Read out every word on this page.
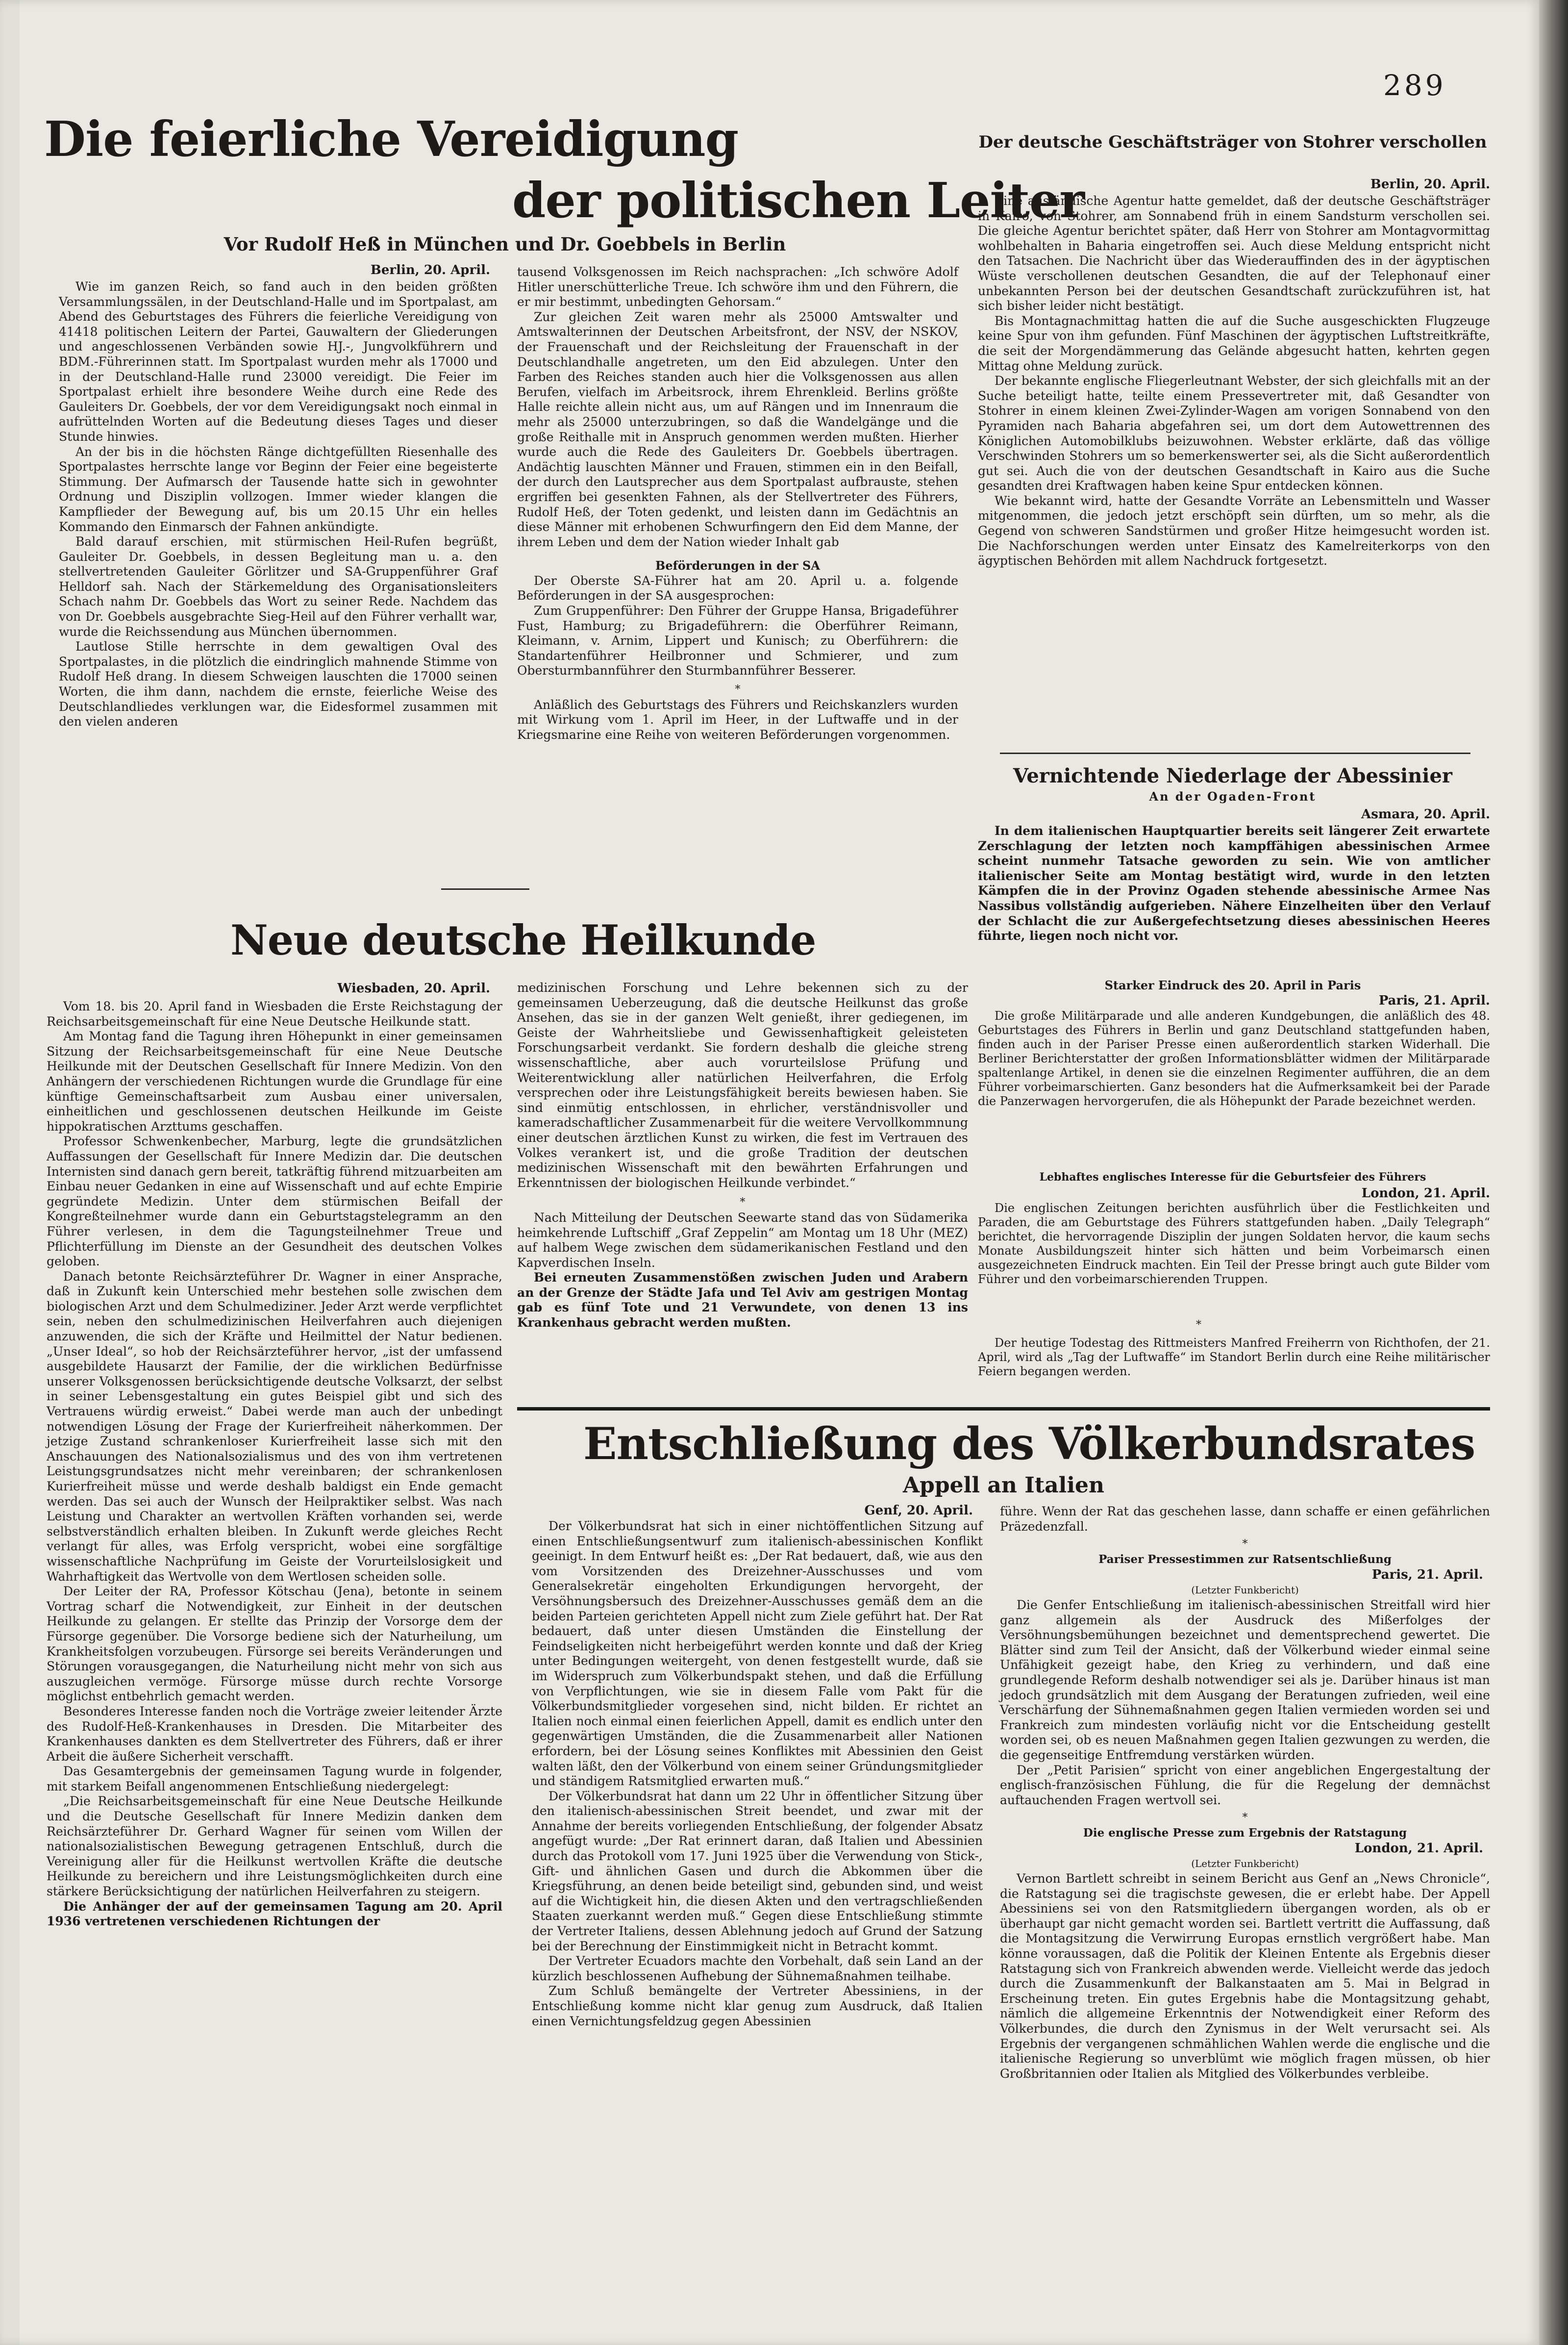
289
Die feierliche Vereidigung
der politischen Leiter
Vor Rudolf Heß in München und Dr. Goebbels in Berlin
Berlin, 20. April.

Wie im ganzen Reich, so fand auch in den beiden größten Versammlungssälen, in der Deutschland-Halle und im Sportpalast, am Abend des Geburtstages des Führers die feierliche Vereidigung von 41418 politischen Leitern der Partei, Gauwaltern der Gliederungen und angeschlossenen Verbänden sowie HJ.-, Jungvolkführern und BDM.-Führerinnen statt. Im Sportpalast wurden mehr als 17000 und in der Deutschland-Halle rund 23000 vereidigt. Die Feier im Sportpalast erhielt ihre besondere Weihe durch eine Rede des Gauleiters Dr. Goebbels, der vor dem Vereidigungsakt noch einmal in aufrüttelnden Worten auf die Bedeutung dieses Tages und dieser Stunde hinwies.

An der bis in die höchsten Ränge dichtgefüllten Riesenhalle des Sportpalastes herrschte lange vor Beginn der Feier eine begeisterte Stimmung. Der Aufmarsch der Tausende hatte sich in gewohnter Ordnung und Disziplin vollzogen. Immer wieder klangen die Kampflieder der Bewegung auf, bis um 20.15 Uhr ein helles Kommando den Einmarsch der Fahnen ankündigte.

Bald darauf erschien, mit stürmischen Heil-Rufen begrüßt, Gauleiter Dr. Goebbels, in dessen Begleitung man u. a. den stellvertretenden Gauleiter Görlitzer und SA-Gruppenführer Graf Helldorf sah. Nach der Stärkemeldung des Organisationsleiters Schach nahm Dr. Goebbels das Wort zu seiner Rede. Nachdem das von Dr. Goebbels ausgebrachte Sieg-Heil auf den Führer verhallt war, wurde die Reichssendung aus München übernommen.

Lautlose Stille herrschte in dem gewaltigen Oval des Sportpalastes, in die plötzlich die eindringlich mahnende Stimme von Rudolf Heß drang. In diesem Schweigen lauschten die 17000 seinen Worten, die ihm dann, nachdem die ernste, feierliche Weise des Deutschlandliedes verklungen war, die Eidesformel zusammen mit den vielen anderen

tausend Volksgenossen im Reich nachsprachen: „Ich schwöre Adolf Hitler unerschütterliche Treue. Ich schwöre ihm und den Führern, die er mir bestimmt, unbedingten Gehorsam.“

Zur gleichen Zeit waren mehr als 25000 Amtswalter und Amtswalterinnen der Deutschen Arbeitsfront, der NSV, der NSKOV, der Frauenschaft und der Reichsleitung der Frauenschaft in der Deutschlandhalle angetreten, um den Eid abzulegen. Unter den Farben des Reiches standen auch hier die Volksgenossen aus allen Berufen, vielfach im Arbeitsrock, ihrem Ehrenkleid. Berlins größte Halle reichte allein nicht aus, um auf Rängen und im Innenraum die mehr als 25000 unterzubringen, so daß die Wandelgänge und die große Reithalle mit in Anspruch genommen werden mußten. Hierher wurde auch die Rede des Gauleiters Dr. Goebbels übertragen. Andächtig lauschten Männer und Frauen, stimmen ein in den Beifall, der durch den Lautsprecher aus dem Sportpalast aufbrauste, stehen ergriffen bei gesenkten Fahnen, als der Stellvertreter des Führers, Rudolf Heß, der Toten gedenkt, und leisten dann im Gedächtnis an diese Männer mit erhobenen Schwurfingern den Eid dem Manne, der ihrem Leben und dem der Nation wieder Inhalt gab

Beförderungen in der SA

Der Oberste SA-Führer hat am 20. April u. a. folgende Beförderungen in der SA ausgesprochen:

Zum Gruppenführer: Den Führer der Gruppe Hansa, Brigadeführer Fust, Hamburg; zu Brigadeführern: die Oberführer Reimann, Kleimann, v. Arnim, Lippert und Kunisch; zu Oberführern: die Standartenführer Heilbronner und Schmierer, und zum Obersturmbannführer den Sturmbannführer Besserer.

*

Anläßlich des Geburtstags des Führers und Reichskanzlers wurden mit Wirkung vom 1. April im Heer, in der Luftwaffe und in der Kriegsmarine eine Reihe von weiteren Beförderungen vorgenommen.

Der deutsche Geschäftsträger von Stohrer verschollen
Berlin, 20. April.

Eine ausländische Agentur hatte gemeldet, daß der deutsche Geschäftsträger in Kairo, von Stohrer, am Sonnabend früh in einem Sandsturm verschollen sei. Die gleiche Agentur berichtet später, daß Herr von Stohrer am Montagvormittag wohlbehalten in Baharia eingetroffen sei. Auch diese Meldung entspricht nicht den Tatsachen. Die Nachricht über das Wiederauffinden des in der ägyptischen Wüste verschollenen deutschen Gesandten, die auf der Telephonauf einer unbekannten Person bei der deutschen Gesandtschaft zurückzuführen ist, hat sich bisher leider nicht bestätigt.

Bis Montagnachmittag hatten die auf die Suche ausgeschickten Flugzeuge keine Spur von ihm gefunden. Fünf Maschinen der ägyptischen Luftstreitkräfte, die seit der Morgendämmerung das Gelände abgesucht hatten, kehrten gegen Mittag ohne Meldung zurück.

Der bekannte englische Fliegerleutnant Webster, der sich gleichfalls mit an der Suche beteiligt hatte, teilte einem Pressevertreter mit, daß Gesandter von Stohrer in einem kleinen Zwei-Zylinder-Wagen am vorigen Sonnabend von den Pyramiden nach Baharia abgefahren sei, um dort dem Autowettrennen des Königlichen Automobilklubs beizuwohnen. Webster erklärte, daß das völlige Verschwinden Stohrers um so bemerkenswerter sei, als die Sicht außerordentlich gut sei. Auch die von der deutschen Gesandtschaft in Kairo aus die Suche gesandten drei Kraftwagen haben keine Spur entdecken können.

Wie bekannt wird, hatte der Gesandte Vorräte an Lebensmitteln und Wasser mitgenommen, die jedoch jetzt erschöpft sein dürften, um so mehr, als die Gegend von schweren Sandstürmen und großer Hitze heimgesucht worden ist. Die Nachforschungen werden unter Einsatz des Kamelreiterkorps von den ägyptischen Behörden mit allem Nachdruck fortgesetzt.

Vernichtende Niederlage der Abessinier
An der Ogaden-Front
Asmara, 20. April.

In dem italienischen Hauptquartier bereits seit längerer Zeit erwartete Zerschlagung der letzten noch kampffähigen abessinischen Armee scheint nunmehr Tatsache geworden zu sein. Wie von amtlicher italienischer Seite am Montag bestätigt wird, wurde in den letzten Kämpfen die in der Provinz Ogaden stehende abessinische Armee Nas Nassibus vollständig aufgerieben. Nähere Einzelheiten über den Verlauf der Schlacht die zur Außergefechtsetzung dieses abessinischen Heeres führte, liegen noch nicht vor.

Starker Eindruck des 20. April in Paris
Paris, 21. April.

Die große Militärparade und alle anderen Kundgebungen, die anläßlich des 48. Geburtstages des Führers in Berlin und ganz Deutschland stattgefunden haben, finden auch in der Pariser Presse einen außerordentlich starken Widerhall. Die Berliner Berichterstatter der großen Informationsblätter widmen der Militärparade spaltenlange Artikel, in denen sie die einzelnen Regimenter aufführen, die an dem Führer vorbeimarschierten. Ganz besonders hat die Aufmerksamkeit bei der Parade die Panzerwagen hervorgerufen, die als Höhepunkt der Parade bezeichnet werden.

Lebhaftes englisches Interesse für die Geburtsfeier des Führers
London, 21. April.

Die englischen Zeitungen berichten ausführlich über die Festlichkeiten und Paraden, die am Geburtstage des Führers stattgefunden haben. „Daily Telegraph“ berichtet, die hervorragende Disziplin der jungen Soldaten hervor, die kaum sechs Monate Ausbildungszeit hinter sich hätten und beim Vorbeimarsch einen ausgezeichneten Eindruck machten. Ein Teil der Presse bringt auch gute Bilder vom Führer und den vorbeimarschierenden Truppen.

*

Der heutige Todestag des Rittmeisters Manfred Freiherrn von Richthofen, der 21. April, wird als „Tag der Luftwaffe“ im Standort Berlin durch eine Reihe militärischer Feiern begangen werden.

Neue deutsche Heilkunde
Wiesbaden, 20. April.

Vom 18. bis 20. April fand in Wiesbaden die Erste Reichstagung der Reichsarbeitsgemeinschaft für eine Neue Deutsche Heilkunde statt.

Am Montag fand die Tagung ihren Höhepunkt in einer gemeinsamen Sitzung der Reichsarbeitsgemeinschaft für eine Neue Deutsche Heilkunde mit der Deutschen Gesellschaft für Innere Medizin. Von den Anhängern der verschiedenen Richtungen wurde die Grundlage für eine künftige Gemeinschaftsarbeit zum Ausbau einer universalen, einheitlichen und geschlossenen deutschen Heilkunde im Geiste hippokratischen Arzttums geschaffen.

Professor Schwenkenbecher, Marburg, legte die grundsätzlichen Auffassungen der Gesellschaft für Innere Medizin dar. Die deutschen Internisten sind danach gern bereit, tatkräftig führend mitzuarbeiten am Einbau neuer Gedanken in eine auf Wissenschaft und auf echte Empirie gegründete Medizin. Unter dem stürmischen Beifall der Kongreßteilnehmer wurde dann ein Geburtstagstelegramm an den Führer verlesen, in dem die Tagungsteilnehmer Treue und Pflichterfüllung im Dienste an der Gesundheit des deutschen Volkes geloben.

Danach betonte Reichsärzteführer Dr. Wagner in einer Ansprache, daß in Zukunft kein Unterschied mehr bestehen solle zwischen dem biologischen Arzt und dem Schulmediziner. Jeder Arzt werde verpflichtet sein, neben den schulmedizinischen Heilverfahren auch diejenigen anzuwenden, die sich der Kräfte und Heilmittel der Natur bedienen. „Unser Ideal“, so hob der Reichsärzteführer hervor, „ist der umfassend ausgebildete Hausarzt der Familie, der die wirklichen Bedürfnisse unserer Volksgenossen berücksichtigende deutsche Volksarzt, der selbst in seiner Lebensgestaltung ein gutes Beispiel gibt und sich des Vertrauens würdig erweist.“ Dabei werde man auch der unbedingt notwendigen Lösung der Frage der Kurierfreiheit näherkommen. Der jetzige Zustand schrankenloser Kurierfreiheit lasse sich mit den Anschauungen des Nationalsozialismus und des von ihm vertretenen Leistungsgrundsatzes nicht mehr vereinbaren; der schrankenlosen Kurierfreiheit müsse und werde deshalb baldigst ein Ende gemacht werden. Das sei auch der Wunsch der Heilpraktiker selbst. Was nach Leistung und Charakter an wertvollen Kräften vorhanden sei, werde selbstverständlich erhalten bleiben. In Zukunft werde gleiches Recht verlangt für alles, was Erfolg verspricht, wobei eine sorgfältige wissenschaftliche Nachprüfung im Geiste der Vorurteilslosigkeit und Wahrhaftigkeit das Wertvolle von dem Wertlosen scheiden solle.

Der Leiter der RA, Professor Kötschau (Jena), betonte in seinem Vortrag scharf die Notwendigkeit, zur Einheit in der deutschen Heilkunde zu gelangen. Er stellte das Prinzip der Vorsorge dem der Fürsorge gegenüber. Die Vorsorge bediene sich der Naturheilung, um Krankheitsfolgen vorzubeugen. Fürsorge sei bereits Veränderungen und Störungen vorausgegangen, die Naturheilung nicht mehr von sich aus auszugleichen vermöge. Fürsorge müsse durch rechte Vorsorge möglichst entbehrlich gemacht werden.

Besonderes Interesse fanden noch die Vorträge zweier leitender Ärzte des Rudolf-Heß-Krankenhauses in Dresden. Die Mitarbeiter des Krankenhauses dankten es dem Stellvertreter des Führers, daß er ihrer Arbeit die äußere Sicherheit verschafft.

Das Gesamtergebnis der gemeinsamen Tagung wurde in folgender, mit starkem Beifall angenommenen Entschließung niedergelegt:

„Die Reichsarbeitsgemeinschaft für eine Neue Deutsche Heilkunde und die Deutsche Gesellschaft für Innere Medizin danken dem Reichsärzteführer Dr. Gerhard Wagner für seinen vom Willen der nationalsozialistischen Bewegung getragenen Entschluß, durch die Vereinigung aller für die Heilkunst wertvollen Kräfte die deutsche Heilkunde zu bereichern und ihre Leistungsmöglichkeiten durch eine stärkere Berücksichtigung der natürlichen Heilverfahren zu steigern.

Die Anhänger der auf der gemeinsamen Tagung am 20. April 1936 vertretenen verschiedenen Richtungen der

medizinischen Forschung und Lehre bekennen sich zu der gemeinsamen Ueberzeugung, daß die deutsche Heilkunst das große Ansehen, das sie in der ganzen Welt genießt, ihrer gediegenen, im Geiste der Wahrheitsliebe und Gewissenhaftigkeit geleisteten Forschungsarbeit verdankt. Sie fordern deshalb die gleiche streng wissenschaftliche, aber auch vorurteilslose Prüfung und Weiterentwicklung aller natürlichen Heilverfahren, die Erfolg versprechen oder ihre Leistungsfähigkeit bereits bewiesen haben. Sie sind einmütig entschlossen, in ehrlicher, verständnisvoller und kameradschaftlicher Zusammenarbeit für die weitere Vervollkommnung einer deutschen ärztlichen Kunst zu wirken, die fest im Vertrauen des Volkes verankert ist, und die große Tradition der deutschen medizinischen Wissenschaft mit den bewährten Erfahrungen und Erkenntnissen der biologischen Heilkunde verbindet.“

*

Nach Mitteilung der Deutschen Seewarte stand das von Südamerika heimkehrende Luftschiff „Graf Zeppelin“ am Montag um 18 Uhr (MEZ) auf halbem Wege zwischen dem südamerikanischen Festland und den Kapverdischen Inseln.

Bei erneuten Zusammenstößen zwischen Juden und Arabern an der Grenze der Städte Jafa und Tel Aviv am gestrigen Montag gab es fünf Tote und 21 Verwundete, von denen 13 ins Krankenhaus gebracht werden mußten.

Entschließung des Völkerbundsrates
Appell an Italien
Genf, 20. April.

Der Völkerbundsrat hat sich in einer nichtöffentlichen Sitzung auf einen Entschließungsentwurf zum italienisch-abessinischen Konflikt geeinigt. In dem Entwurf heißt es: „Der Rat bedauert, daß, wie aus den vom Vorsitzenden des Dreizehner-Ausschusses und vom Generalsekretär eingeholten Erkundigungen hervorgeht, der Versöhnungsbersuch des Dreizehner-Ausschusses gemäß dem an die beiden Parteien gerichteten Appell nicht zum Ziele geführt hat. Der Rat bedauert, daß unter diesen Umständen die Einstellung der Feindseligkeiten nicht herbeigeführt werden konnte und daß der Krieg unter Bedingungen weitergeht, von denen festgestellt wurde, daß sie im Widerspruch zum Völkerbundspakt stehen, und daß die Erfüllung von Verpflichtungen, wie sie in diesem Falle vom Pakt für die Völkerbundsmitglieder vorgesehen sind, nicht bilden. Er richtet an Italien noch einmal einen feierlichen Appell, damit es endlich unter den gegenwärtigen Umständen, die die Zusammenarbeit aller Nationen erfordern, bei der Lösung seines Konfliktes mit Abessinien den Geist walten läßt, den der Völkerbund von einem seiner Gründungsmitglieder und ständigem Ratsmitglied erwarten muß.“

Der Völkerbundsrat hat dann um 22 Uhr in öffentlicher Sitzung über den italienisch-abessinischen Streit beendet, und zwar mit der Annahme der bereits vorliegenden Entschließung, der folgender Absatz angefügt wurde: „Der Rat erinnert daran, daß Italien und Abessinien durch das Protokoll vom 17. Juni 1925 über die Verwendung von Stick-, Gift- und ähnlichen Gasen und durch die Abkommen über die Kriegsführung, an denen beide beteiligt sind, gebunden sind, und weist auf die Wichtigkeit hin, die diesen Akten und den vertragschließenden Staaten zuerkannt werden muß.“ Gegen diese Entschließung stimmte der Vertreter Italiens, dessen Ablehnung jedoch auf Grund der Satzung bei der Berechnung der Einstimmigkeit nicht in Betracht kommt.

Der Vertreter Ecuadors machte den Vorbehalt, daß sein Land an der kürzlich beschlossenen Aufhebung der Sühnemaßnahmen teilhabe.

Zum Schluß bemängelte der Vertreter Abessiniens, in der Entschließung komme nicht klar genug zum Ausdruck, daß Italien einen Vernichtungsfeldzug gegen Abessinien

führe. Wenn der Rat das geschehen lasse, dann schaffe er einen gefährlichen Präzedenzfall.

*
Pariser Pressestimmen zur Ratsentschließung
Paris, 21. April.
(Letzter Funkbericht)

Die Genfer Entschließung im italienisch-abessinischen Streitfall wird hier ganz allgemein als der Ausdruck des Mißerfolges der Versöhnungsbemühungen bezeichnet und dementsprechend gewertet. Die Blätter sind zum Teil der Ansicht, daß der Völkerbund wieder einmal seine Unfähigkeit gezeigt habe, den Krieg zu verhindern, und daß eine grundlegende Reform deshalb notwendiger sei als je. Darüber hinaus ist man jedoch grundsätzlich mit dem Ausgang der Beratungen zufrieden, weil eine Verschärfung der Sühnemaßnahmen gegen Italien vermieden worden sei und Frankreich zum mindesten vorläufig nicht vor die Entscheidung gestellt worden sei, ob es neuen Maßnahmen gegen Italien gezwungen zu werden, die die gegenseitige Entfremdung verstärken würden.

Der „Petit Parisien“ spricht von einer angeblichen Engergestaltung der englisch-französischen Fühlung, die für die Regelung der demnächst auftauchenden Fragen wertvoll sei.

*
Die englische Presse zum Ergebnis der Ratstagung
London, 21. April.
(Letzter Funkbericht)

Vernon Bartlett schreibt in seinem Bericht aus Genf an „News Chronicle“, die Ratstagung sei die tragischste gewesen, die er erlebt habe. Der Appell Abessiniens sei von den Ratsmitgliedern übergangen worden, als ob er überhaupt gar nicht gemacht worden sei. Bartlett vertritt die Auffassung, daß die Montagsitzung die Verwirrung Europas ernstlich vergrößert habe. Man könne voraussagen, daß die Politik der Kleinen Entente als Ergebnis dieser Ratstagung sich von Frankreich abwenden werde. Vielleicht werde das jedoch durch die Zusammenkunft der Balkanstaaten am 5. Mai in Belgrad in Erscheinung treten. Ein gutes Ergebnis habe die Montagsitzung gehabt, nämlich die allgemeine Erkenntnis der Notwendigkeit einer Reform des Völkerbundes, die durch den Zynismus in der Welt verursacht sei. Als Ergebnis der vergangenen schmählichen Wahlen werde die englische und die italienische Regierung so unverblümt wie möglich fragen müssen, ob hier Großbritannien oder Italien als Mitglied des Völkerbundes verbleibe.
